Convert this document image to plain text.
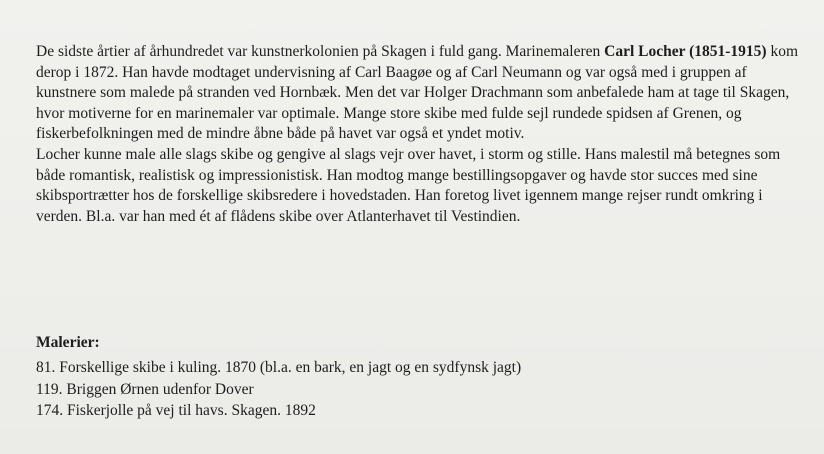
De sidste årtier af århundredet var kunstnerkolonien på Skagen i fuld gang. Marinemaleren Carl Locher (1851-1915) kom derop i 1872. Han havde modtaget undervisning af Carl Baagøe og af Carl Neumann og var også med i gruppen af kunstnere som malede på stranden ved Hornbæk. Men det var Holger Drachmann som anbefalede ham at tage til Skagen, hvor motiverne for en marinemaler var optimale. Mange store skibe med fulde sejl rundede spidsen af Grenen, og fiskerbefolkningen med de mindre åbne både på havet var også et yndet motiv.

Locher kunne male alle slags skibe og gengive al slags vejr over havet, i storm og stille. Hans malestil må betegnes som både romantisk, realistisk og impressionistisk. Han modtog mange bestillingsopgaver og havde stor succes med sine skibsportrætter hos de forskellige skibsredere i hovedstaden. Han foretog livet igennem mange rejser rundt omkring i verden. Bl.a. var han med ét af flådens skibe over Atlanterhavet til Vestindien.

Malerier:
81. Forskellige skibe i kuling. 1870 (bl.a. en bark, en jagt og en sydfynsk jagt)
119. Briggen Ørnen udenfor Dover
174. Fiskerjolle på vej til havs. Skagen. 1892
